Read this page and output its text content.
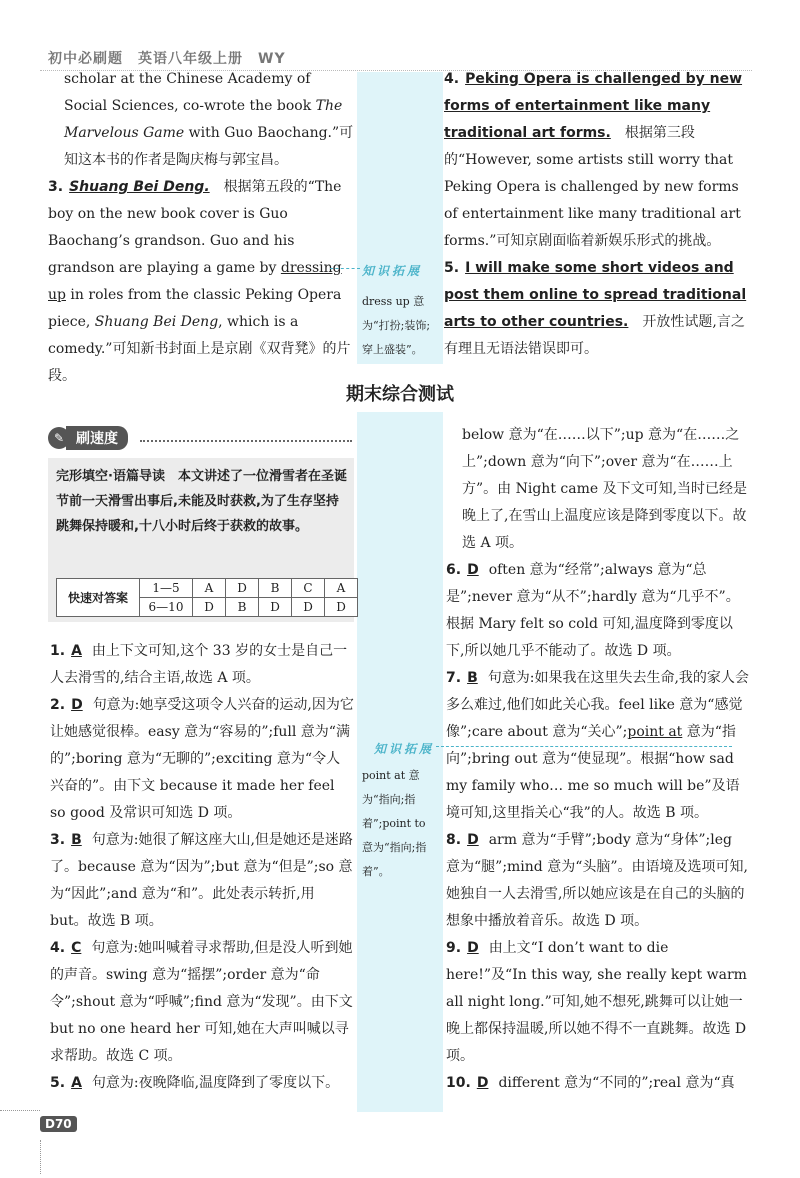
初中必刷题　英语八年级上册　WY

scholar at the Chinese Academy of Social Sciences, co-wrote the book The Marvelous Game with Guo Baochang.”可知这本书的作者是陶庆梅与郭宝昌。

3. Shuang Bei Deng.　根据第五段的“The boy on the new book cover is Guo Baochang’s grandson. Guo and his grandson are playing a game by dressing up in roles from the classic Peking Opera piece, Shuang Bei Deng, which is a comedy.”可知新书封面上是京剧《双背凳》的片段。

知识拓展
dress up 意为“打扮;装饰;穿上盛装”。

4. Peking Opera is challenged by new forms of entertainment like many traditional art forms.　根据第三段的“However, some artists still worry that Peking Opera is challenged by new forms of entertainment like many traditional art forms.”可知京剧面临着新娱乐形式的挑战。

5. I will make some short videos and post them online to spread traditional arts to other countries.　开放性试题,言之有理且无语法错误即可。

期末综合测试
✎ 刷速度
完形填空·语篇导读　本文讲述了一位滑雪者在圣诞节前一天滑雪出事后,未能及时获救,为了生存坚持跳舞保持暖和,十八小时后终于获救的故事。
快速对答案	1—5	A	D	B	C	A
	6—10	D	B	D	D	D

1. A 由上下文可知,这个 33 岁的女士是自己一人去滑雪的,结合主语,故选 A 项。

2. D 句意为:她享受这项令人兴奋的运动,因为它让她感觉很棒。easy 意为“容易的”;full 意为“满的”;boring 意为“无聊的”;exciting 意为“令人兴奋的”。由下文 because it made her feel so good 及常识可知选 D 项。

3. B 句意为:她很了解这座大山,但是她还是迷路了。because 意为“因为”;but 意为“但是”;so 意为“因此”;and 意为“和”。此处表示转折,用 but。故选 B 项。

4. C 句意为:她叫喊着寻求帮助,但是没人听到她的声音。swing 意为“摇摆”;order 意为“命令”;shout 意为“呼喊”;find 意为“发现”。由下文 but no one heard her 可知,她在大声叫喊以寻求帮助。故选 C 项。

5. A 句意为:夜晚降临,温度降到了零度以下。

知识拓展
point at 意为“指向;指着”;point to 意为“指向;指着”。

below 意为“在……以下”;up 意为“在……之上”;down 意为“向下”;over 意为“在……上方”。由 Night came 及下文可知,当时已经是晚上了,在雪山上温度应该是降到零度以下。故选 A 项。

6. D often 意为“经常”;always 意为“总是”;never 意为“从不”;hardly 意为“几乎不”。根据 Mary felt so cold 可知,温度降到零度以下,所以她几乎不能动了。故选 D 项。

7. B 句意为:如果我在这里失去生命,我的家人会多么难过,他们如此关心我。feel like 意为“感觉像”;care about 意为“关心”;point at 意为“指向”;bring out 意为“使显现”。根据“how sad my family who… me so much will be”及语境可知,这里指关心“我”的人。故选 B 项。

8. D arm 意为“手臂”;body 意为“身体”;leg 意为“腿”;mind 意为“头脑”。由语境及选项可知,她独自一人去滑雪,所以她应该是在自己的头脑的想象中播放着音乐。故选 D 项。

9. D 由上文“I don’t want to die here!”及“In this way, she really kept warm all night long.”可知,她不想死,跳舞可以让她一晚上都保持温暖,所以她不得不一直跳舞。故选 D 项。

10. D different 意为“不同的”;real 意为“真

D70
